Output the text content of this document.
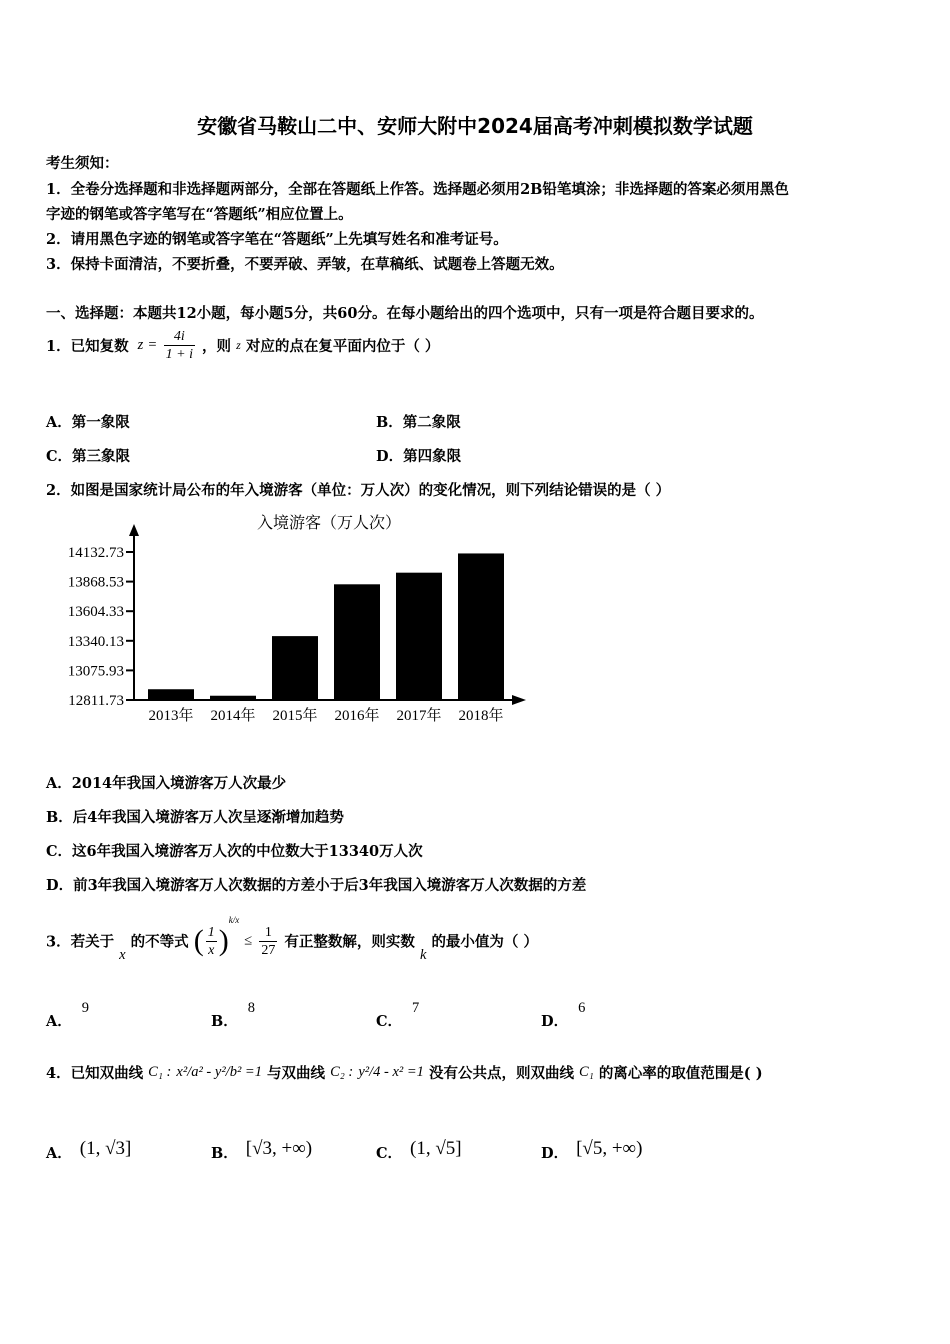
安徽省马鞍山二中、安师大附中2024届高考冲刺模拟数学试题
考生须知：
1．全卷分选择题和非选择题两部分，全部在答题纸上作答。选择题必须用2B铅笔填涂；非选择题的答案必须用黑色
字迹的钢笔或答字笔写在“答题纸”相应位置上。
2．请用黑色字迹的钢笔或答字笔在“答题纸”上先填写姓名和准考证号。
3．保持卡面清洁，不要折叠，不要弄破、弄皱，在草稿纸、试题卷上答题无效。
一、选择题：本题共12小题，每小题5分，共60分。在每小题给出的四个选项中，只有一项是符合题目要求的。
1．已知复数 $z = \frac{4i}{1 + i}$ ，则 z 对应的点在复平面内位于（ ）
A．第一象限	B．第二象限
C．第三象限	D．第四象限
2．如图是国家统计局公布的年入境游客（单位：万人次）的变化情况，则下列结论错误的是（ ）
入境游客（万人次）
12811.73
13075.93
13340.13
13604.33
13868.53
14132.73
2013年 2014年 2015年 2016年 2017年 2018年
A．2014年我国入境游客万人次最少
B．后4年我国入境游客万人次呈逐渐增加趋势
C．这6年我国入境游客万人次的中位数大于13340万人次
D．前3年我国入境游客万人次数据的方差小于后3年我国入境游客万人次数据的方差
3．若关于 x 的不等式 ( $\frac{1}{x} )^{k/x} \le \frac{1}{27}$ 有正整数解，则实数 k 的最小值为（ ）
A．9
B．8
C．7
D．6
4．已知双曲线 C₁ : x²/a² - y²/b² =1 与双曲线 C₂ : y²/4 - x² =1 没有公共点，则双曲线 C₁ 的离心率的取值范围是( )
A． (1, √3]	B． [√3, +∞)	C． (1, √5]	D． [√5, +∞)
